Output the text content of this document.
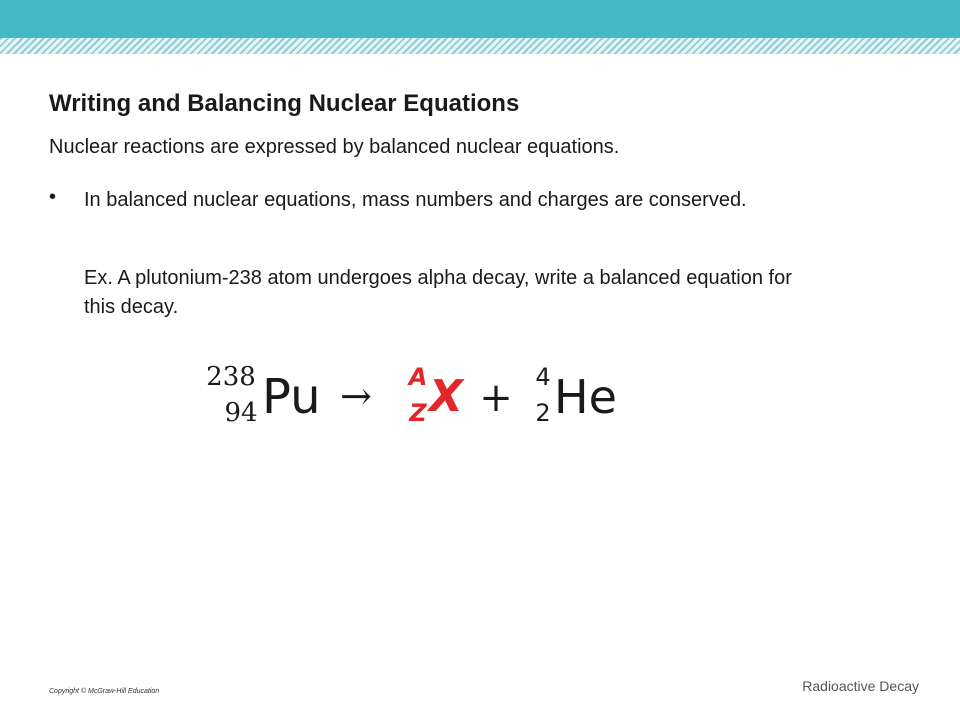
Writing and Balancing Nuclear Equations
Nuclear reactions are expressed by balanced nuclear equations.
• In balanced nuclear equations, mass numbers and charges are conserved.
Ex. A plutonium-238 atom undergoes alpha decay, write a balanced equation for this decay.
238
94 Pu → A
Z X + 4
2 He
Copyright © McGraw-Hill Education	Radioactive Decay
